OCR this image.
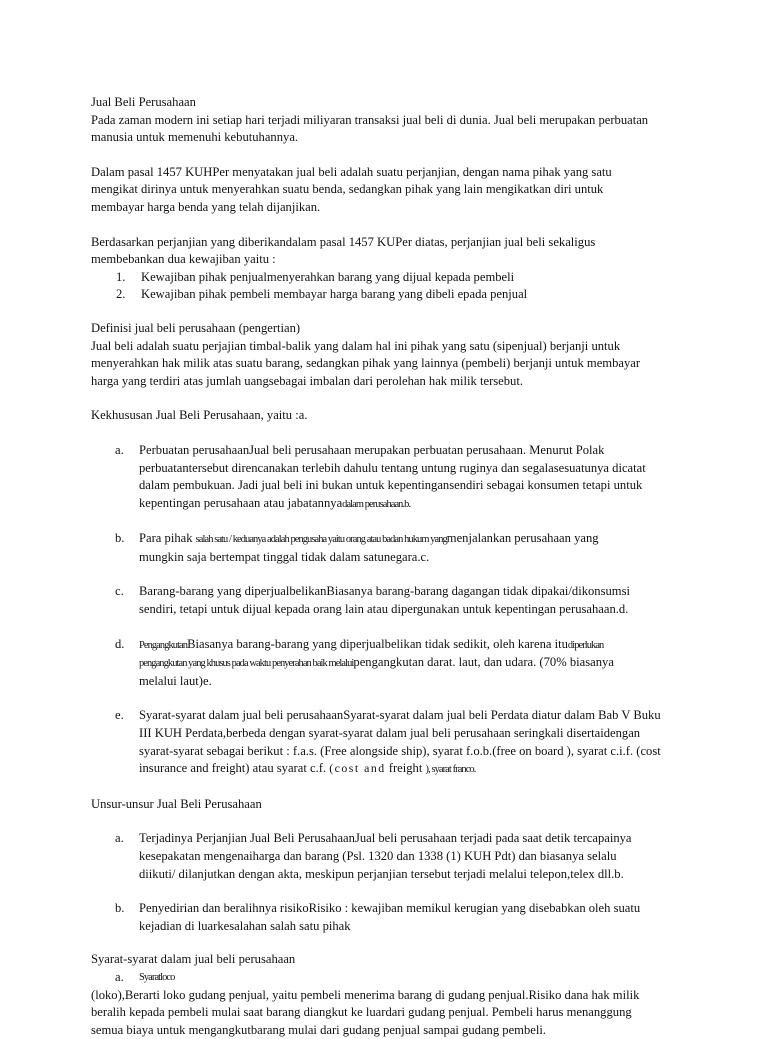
Jual Beli Perusahaan

Pada zaman modern ini setiap hari terjadi miliyaran transaksi jual beli di dunia. Jual beli merupakan perbuatan
manusia untuk memenuhi kebutuhannya.
Dalam pasal 1457 KUHPer menyatakan jual beli adalah suatu perjanjian, dengan nama pihak yang satu
mengikat dirinya untuk menyerahkan suatu benda, sedangkan pihak yang lain mengikatkan diri untuk
membayar harga benda yang telah dijanjikan.
Berdasarkan perjanjian yang diberikandalam pasal 1457 KUPer diatas, perjanjian jual beli sekaligus
membebankan dua kewajiban yaitu :
1. Kewajiban pihak penjualmenyerahkan barang yang dijual kepada pembeli
2. Kewajiban pihak pembeli membayar harga barang yang dibeli epada penjual
Definisi jual beli perusahaan (pengertian)
Jual beli adalah suatu perjajian timbal-balik yang dalam hal ini pihak yang satu (sipenjual) berjanji untuk
menyerahkan hak milik atas suatu barang, sedangkan pihak yang lainnya (pembeli) berjanji untuk membayar
harga yang terdiri atas jumlah uangsebagai imbalan dari perolehan hak milik tersebut.
Kekhususan Jual Beli Perusahaan, yaitu :a.
a. Perbuatan perusahaanJual beli perusahaan merupakan perbuatan perusahaan. Menurut Polak
perbuatantersebut direncanakan terlebih dahulu tentang untung ruginya dan segalasesuatunya dicatat
dalam pembukuan. Jadi jual beli ini bukan untuk kepentingansendiri sebagai konsumen tetapi untuk
kepentingan perusahaan atau jabatannyadalam perusahaan.b.
b. Para pihak salah satu / keduanya adalah pengusaha yaitu orang atau badan hukum yangmenjalankan perusahaan yang
mungkin saja bertempat tinggal tidak dalam satunegara.c.
c. Barang-barang yang diperjualbelikanBiasanya barang-barang dagangan tidak dipakai/dikonsumsi
sendiri, tetapi untuk dijual kepada orang lain atau dipergunakan untuk kepentingan perusahaan.d.
d. PengangkutanBiasanya barang-barang yang diperjualbelikan tidak sedikit, oleh karena itudiperlukan
pengangkutan yang khusus pada waktu penyerahan baik melaluipengangkutan darat. laut, dan udara. (70% biasanya
melalui laut)e.
e. Syarat-syarat dalam jual beli perusahaanSyarat-syarat dalam jual beli Perdata diatur dalam Bab V Buku
III KUH Perdata,berbeda dengan syarat-syarat dalam jual beli perusahaan seringkali disertaidengan
syarat-syarat sebagai berikut : f.a.s. (Free alongside ship), syarat f.o.b.(free on board ), syarat c.i.f. (cost
insurance and freight) atau syarat c.f. (cost and freight ), syarat franco.
Unsur-unsur Jual Beli Perusahaan
a. Terjadinya Perjanjian Jual Beli PerusahaanJual beli perusahaan terjadi pada saat detik tercapainya
kesepakatan mengenaiharga dan barang (Psl. 1320 dan 1338 (1) KUH Pdt) dan biasanya selalu
diikuti/ dilanjutkan dengan akta, meskipun perjanjian tersebut terjadi melalui telepon,telex dll.b.
b. Penyedirian dan beralihnya risikoRisiko : kewajiban memikul kerugian yang disebabkan oleh suatu
kejadian di luarkesalahan salah satu pihak
Syarat-syarat dalam jual beli perusahaan
a. Syaratloco
(loko),Berarti loko gudang penjual, yaitu pembeli menerima barang di gudang penjual.Risiko dana hak milik
beralih kepada pembeli mulai saat barang diangkut ke luardari gudang penjual. Pembeli harus menanggung
semua biaya untuk mengangkutbarang mulai dari gudang penjual sampai gudang pembeli.
